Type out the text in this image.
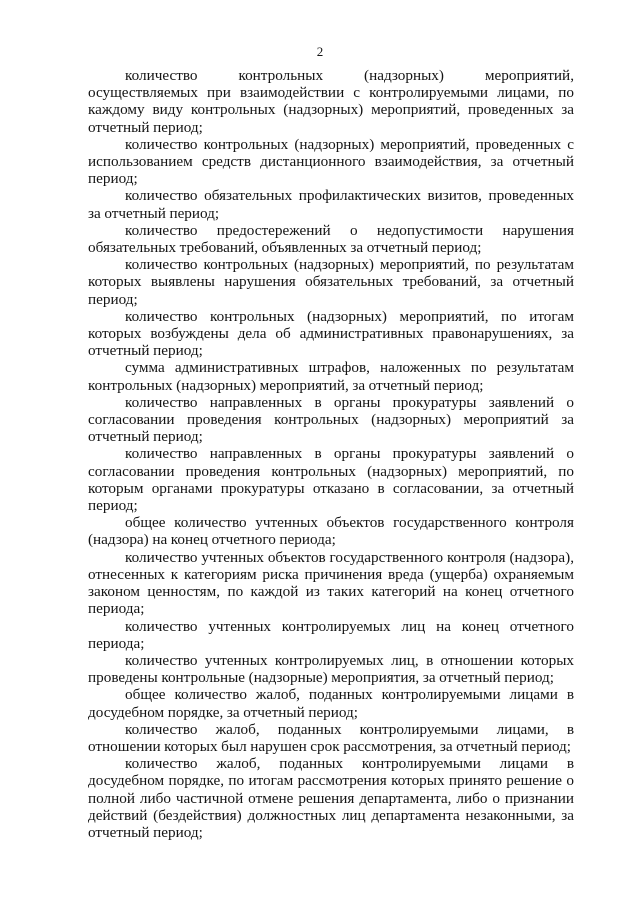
2

количество контрольных (надзорных) мероприятий, осуществляемых при взаимодействии с контролируемыми лицами, по каждому виду контрольных (надзорных) мероприятий, проведенных за отчетный период;

количество контрольных (надзорных) мероприятий, проведенных с использованием средств дистанционного взаимодействия, за отчетный период;

количество обязательных профилактических визитов, проведенных за отчетный период;

количество предостережений о недопустимости нарушения обязательных требований, объявленных за отчетный период;

количество контрольных (надзорных) мероприятий, по результатам которых выявлены нарушения обязательных требований, за отчетный период;

количество контрольных (надзорных) мероприятий, по итогам которых возбуждены дела об административных правонарушениях, за отчетный период;

сумма административных штрафов, наложенных по результатам контрольных (надзорных) мероприятий, за отчетный период;

количество направленных в органы прокуратуры заявлений о согласовании проведения контрольных (надзорных) мероприятий за отчетный период;

количество направленных в органы прокуратуры заявлений о согласовании проведения контрольных (надзорных) мероприятий, по которым органами прокуратуры отказано в согласовании, за отчетный период;

общее количество учтенных объектов государственного контроля (надзора) на конец отчетного периода;

количество учтенных объектов государственного контроля (надзора), отнесенных к категориям риска причинения вреда (ущерба) охраняемым законом ценностям, по каждой из таких категорий на конец отчетного периода;

количество учтенных контролируемых лиц на конец отчетного периода;

количество учтенных контролируемых лиц, в отношении которых проведены контрольные (надзорные) мероприятия, за отчетный период;

общее количество жалоб, поданных контролируемыми лицами в досудебном порядке, за отчетный период;

количество жалоб, поданных контролируемыми лицами, в отношении которых был нарушен срок рассмотрения, за отчетный период;

количество жалоб, поданных контролируемыми лицами в досудебном порядке, по итогам рассмотрения которых принято решение о полной либо частичной отмене решения департамента, либо о признании действий (бездействия) должностных лиц департамента незаконными, за отчетный период;
